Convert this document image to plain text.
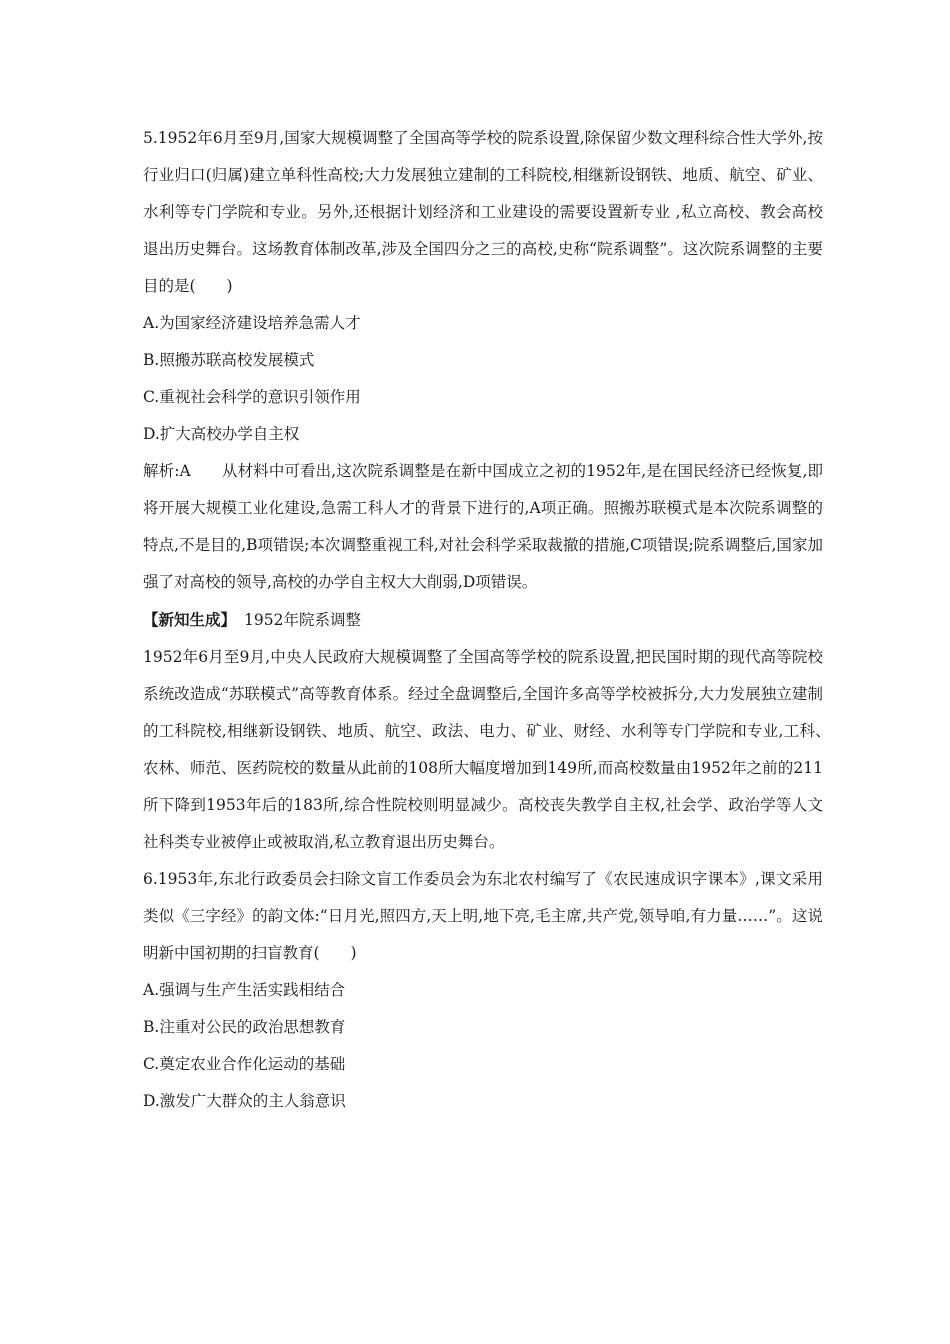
5.1952年6月至9月,国家大规模调整了全国高等学校的院系设置,除保留少数文理科综合性大学外,按行业归口(归属)建立单科性高校;大力发展独立建制的工科院校,相继新设钢铁、地质、航空、矿业、水利等专门学院和专业。另外,还根据计划经济和工业建设的需要设置新专业 ,私立高校、教会高校退出历史舞台。这场教育体制改革,涉及全国四分之三的高校,史称“院系调整”。这次院系调整的主要目的是(　　)

A.为国家经济建设培养急需人才

B.照搬苏联高校发展模式

C.重视社会科学的意识引领作用

D.扩大高校办学自主权

解析:A　　从材料中可看出,这次院系调整是在新中国成立之初的1952年,是在国民经济已经恢复,即将开展大规模工业化建设,急需工科人才的背景下进行的,A项正确。照搬苏联模式是本次院系调整的特点,不是目的,B项错误;本次调整重视工科,对社会科学采取裁撤的措施,C项错误;院系调整后,国家加强了对高校的领导,高校的办学自主权大大削弱,D项错误。

【新知生成】 1952年院系调整

1952年6月至9月,中央人民政府大规模调整了全国高等学校的院系设置,把民国时期的现代高等院校系统改造成“苏联模式”高等教育体系。经过全盘调整后,全国许多高等学校被拆分,大力发展独立建制的工科院校,相继新设钢铁、地质、航空、政法、电力、矿业、财经、水利等专门学院和专业,工科、　农林、师范、医药院校的数量从此前的108所大幅度增加到149所,而高校数量由1952年之前的211所下降到1953年后的183所,综合性院校则明显减少。高校丧失教学自主权,社会学、政治学等人文社科类专业被停止或被取消,私立教育退出历史舞台。

6.1953年,东北行政委员会扫除文盲工作委员会为东北农村编写了《农民速成识字课本》,课文采用类似《三字经》的韵文体:“日月光,照四方,天上明,地下亮,毛主席,共产党,领导咱,有力量……”。这说明新中国初期的扫盲教育(　　)

A.强调与生产生活实践相结合

B.注重对公民的政治思想教育

C.奠定农业合作化运动的基础

D.激发广大群众的主人翁意识
